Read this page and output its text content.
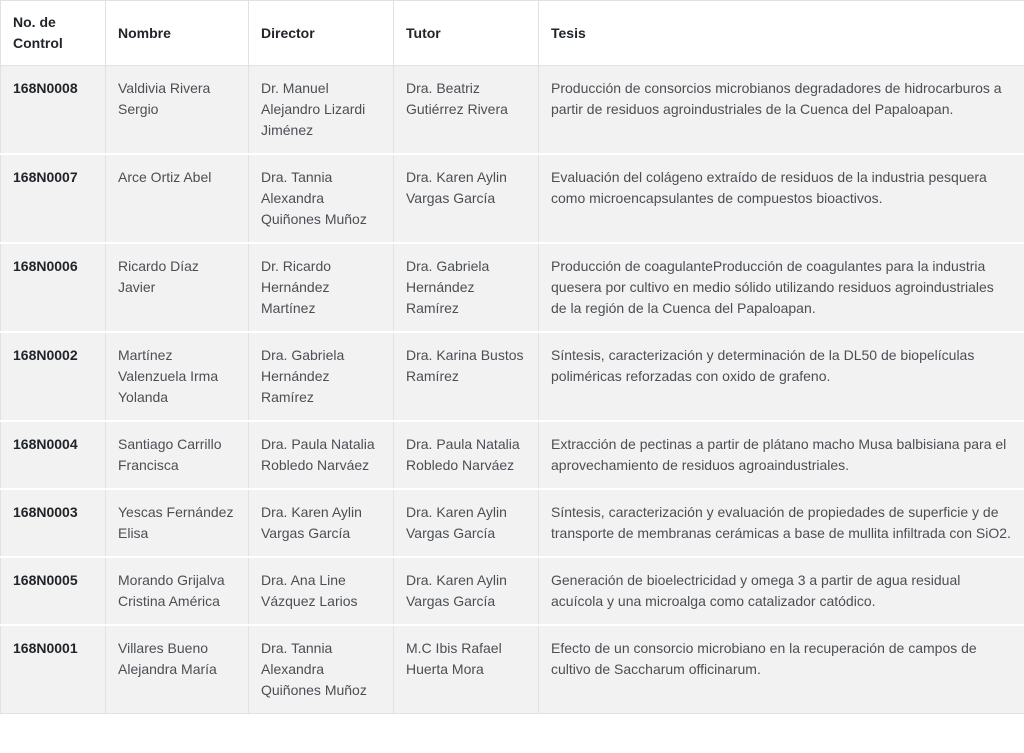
No. de Control	Nombre	Director	Tutor	Tesis
168N0008	Valdivia Rivera Sergio	Dr. Manuel Alejandro Lizardi Jiménez	Dra. Beatriz Gutiérrez Rivera	Producción de consorcios microbianos degradadores de hidrocarburos a partir de residuos agroindustriales de la Cuenca del Papaloapan.
168N0007	Arce Ortiz Abel	Dra. Tannia Alexandra Quiñones Muñoz	Dra. Karen Aylin Vargas García	Evaluación del colágeno extraído de residuos de la industria pesquera como microencapsulantes de compuestos bioactivos.
168N0006	Ricardo Díaz Javier	Dr. Ricardo Hernández Martínez	Dra. Gabriela Hernández Ramírez	Producción de coagulanteProducción de coagulantes para la industria quesera por cultivo en medio sólido utilizando residuos agroindustriales de la región de la Cuenca del Papaloapan.
168N0002	Martínez Valenzuela Irma Yolanda	Dra. Gabriela Hernández Ramírez	Dra. Karina Bustos Ramírez	Síntesis, caracterización y determinación de la DL50 de biopelículas poliméricas reforzadas con oxido de grafeno.
168N0004	Santiago Carrillo Francisca	Dra. Paula Natalia Robledo Narváez	Dra. Paula Natalia Robledo Narváez	Extracción de pectinas a partir de plátano macho Musa balbisiana para el aprovechamiento de residuos agroaindustriales.
168N0003	Yescas Fernández Elisa	Dra. Karen Aylin Vargas García	Dra. Karen Aylin Vargas García	Síntesis, caracterización y evaluación de propiedades de superficie y de transporte de membranas cerámicas a base de mullita infiltrada con SiO2.
168N0005	Morando Grijalva Cristina América	Dra. Ana Line Vázquez Larios	Dra. Karen Aylin Vargas García	Generación de bioelectricidad y omega 3 a partir de agua residual acuícola y una microalga como catalizador catódico.
168N0001	Villares Bueno Alejandra María	Dra. Tannia Alexandra Quiñones Muñoz	M.C Ibis Rafael Huerta Mora	Efecto de un consorcio microbiano en la recuperación de campos de cultivo de Saccharum officinarum.
